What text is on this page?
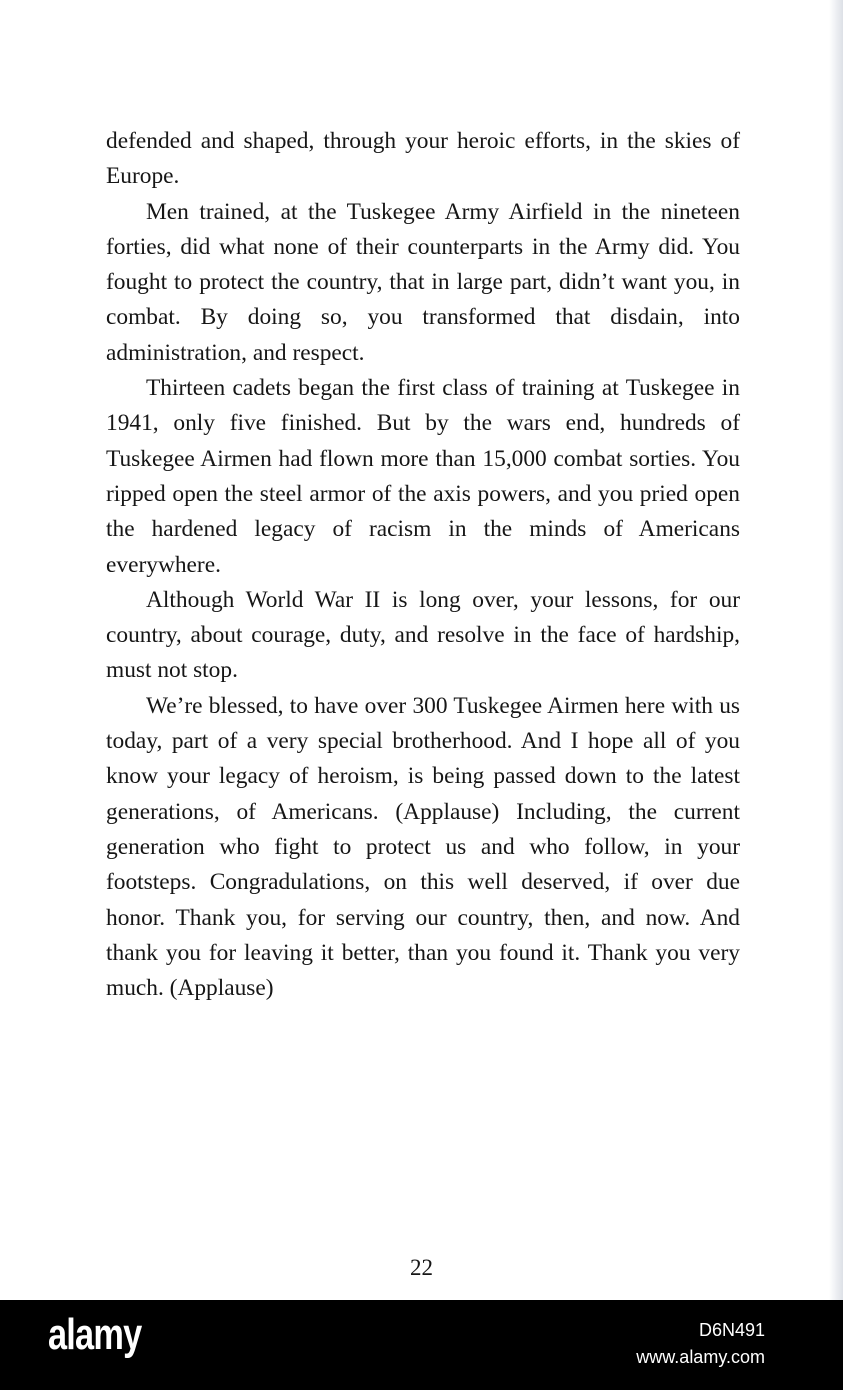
defended and shaped, through your heroic efforts, in the skies of Europe.

Men trained, at the Tuskegee Army Airfield in the nineteen forties, did what none of their counterparts in the Army did. You fought to protect the country, that in large part, didn’t want you, in combat. By doing so, you transformed that disdain, into administration, and respect.

Thirteen cadets began the first class of training at Tuskegee in 1941, only five finished. But by the wars end, hundreds of Tuskegee Airmen had flown more than 15,000 combat sorties. You ripped open the steel armor of the axis powers, and you pried open the hardened legacy of racism in the minds of Americans everywhere.

Although World War II is long over, your lessons, for our country, about courage, duty, and resolve in the face of hardship, must not stop.

We’re blessed, to have over 300 Tuskegee Airmen here with us today, part of a very special brotherhood. And I hope all of you know your legacy of heroism, is being passed down to the latest generations, of Americans. (Applause) Including, the current generation who fight to protect us and who follow, in your footsteps. Congradulations, on this well deserved, if over due honor. Thank you, for serving our country, then, and now. And thank you for leaving it better, than you found it. Thank you very much. (Applause)

22
alamy	D6N491
www.alamy.com
